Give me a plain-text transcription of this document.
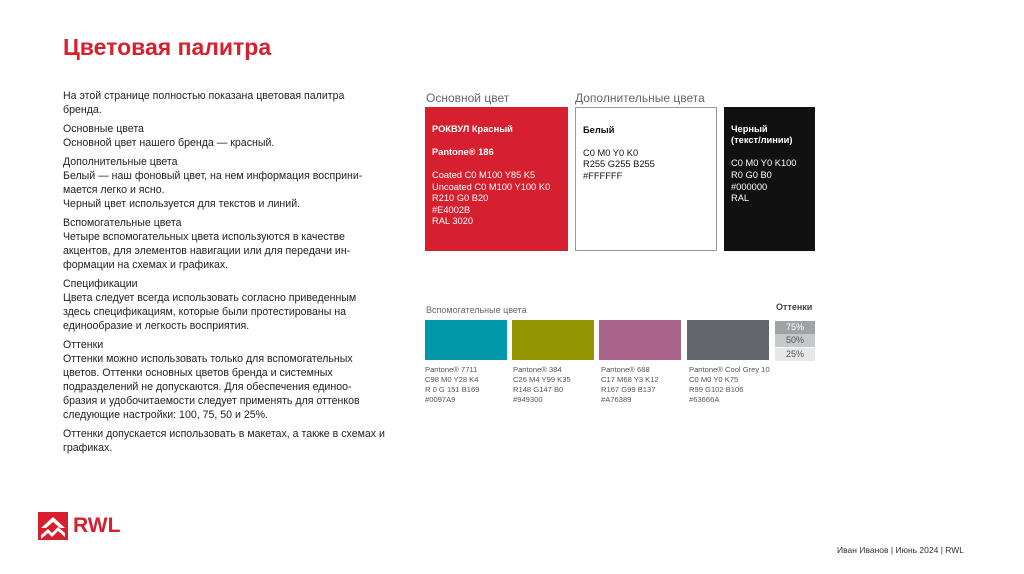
Цветовая палитра

На этой странице полностью показана цветовая палитра бренда.

Основные цвета
Основной цвет нашего бренда — красный.

Дополнительные цвета
Белый — наш фоновый цвет, на нем информация восприни-мается легко и ясно.
Черный цвет используется для текстов и линий.

Вспомогательные цвета
Четыре вспомогательных цвета используются в качестве акцентов, для элементов навигации или для передачи ин-формации на схемах и графиках.

Спецификации
Цвета следует всегда использовать согласно приведенным здесь спецификациям, которые были протестированы на единообразие и легкость восприятия.

Оттенки
Оттенки можно использовать только для вспомогательных цветов. Оттенки основных цветов бренда и системных подразделений не допускаются. Для обеспечения единоо-бразия и удобочитаемости следует применять для оттенков следующие настройки: 100, 75, 50 и 25%.

Оттенки допускается использовать в макетах, а также в схемах и графиках.

Основной цвет	Дополнительные цвета

РОКВУЛ Красный

Pantone® 186

Coated C0 M100 Y85 K5
Uncoated C0 M100 Y100 K0
R210 G0 B20
#E4002B
RAL 3020

Белый

C0 M0 Y0 K0
R255 G255 B255
#FFFFFF

Черный
(текст/линии)

C0 M0 Y0 K100
R0 G0 B0
#000000
RAL

Вспомогательные цвета	Оттенки
Pantone® 7711
C98 M0 Y28 K4
R 0 G 151 B169
#0097A9
Pantone® 384
C26 M4 Y99 K35
R148 G147 B0
#949300
Pantone® 688
C17 M68 Y3 K12
R167 G99 B137
#A76389
Pantone® Cool Grey 10
C0 M0 Y0 K75
R99 G102 B106
#63666A
75%
50%
25%
RWL
Иван Иванов | Июнь 2024 | RWL
